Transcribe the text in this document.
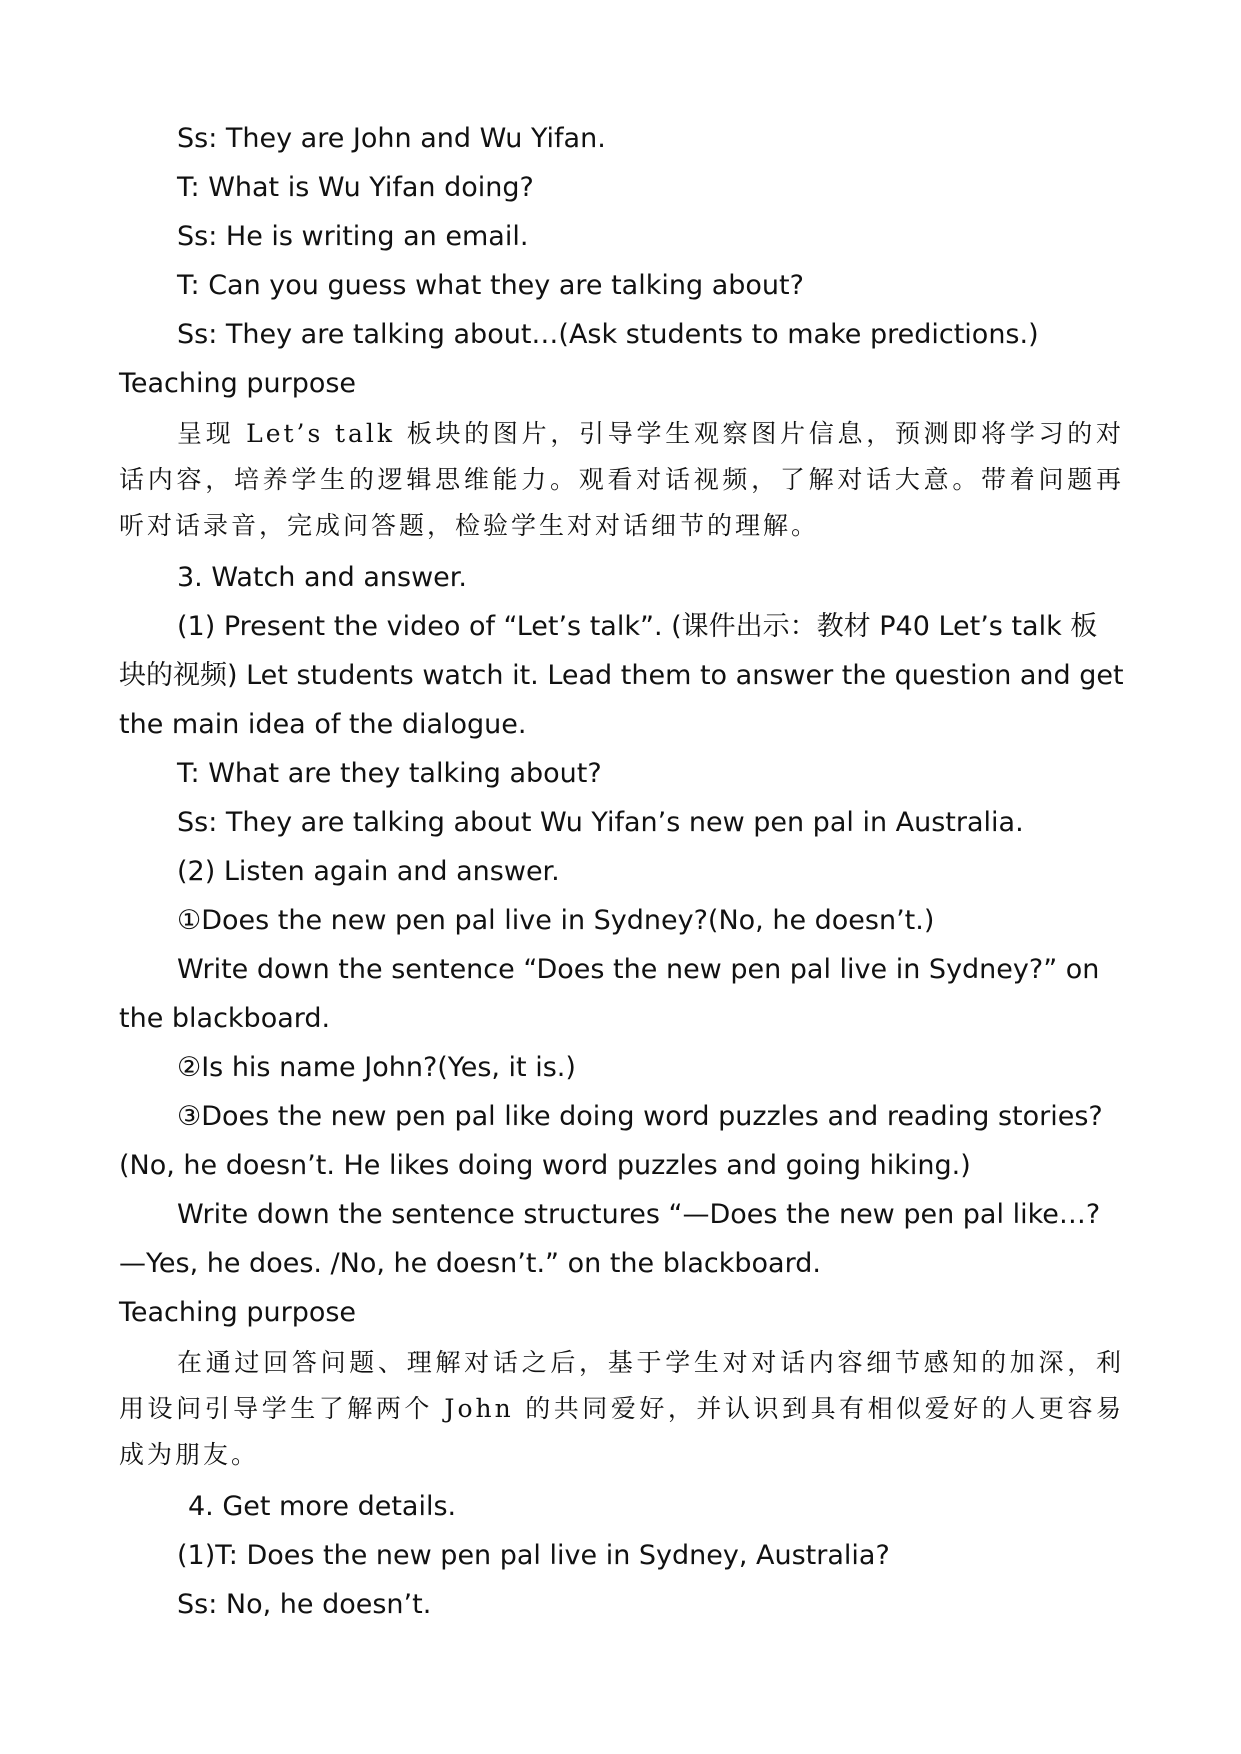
Ss: They are John and Wu Yifan.

T: What is Wu Yifan doing?

Ss: He is writing an email.

T: Can you guess what they are talking about?

Ss: They are talking about…(Ask students to make predictions.)

Teaching purpose

呈现 Let’s talk 板块的图片，引导学生观察图片信息，预测即将学习的对话内容，培养学生的逻辑思维能力。观看对话视频，了解对话大意。带着问题再听对话录音，完成问答题，检验学生对对话细节的理解。

3. Watch and answer.

(1) Present the video of “Let’s talk”. (课件出示：教材 P40 Let’s talk 板块的视频) Let students watch it. Lead them to answer the question and get the main idea of the dialogue.

T: What are they talking about?

Ss: They are talking about Wu Yifan’s new pen pal in Australia.

(2) Listen again and answer.

①Does the new pen pal live in Sydney?(No, he doesn’t.)

Write down the sentence “Does the new pen pal live in Sydney?” on the blackboard.

②Is his name John?(Yes, it is.)

③Does the new pen pal like doing word puzzles and reading stories? (No, he doesn’t. He likes doing word puzzles and going hiking.)

Write down the sentence structures “—Does the new pen pal like…? —Yes, he does. /No, he doesn’t.” on the blackboard.

Teaching purpose

在通过回答问题、理解对话之后，基于学生对对话内容细节感知的加深，利用设问引导学生了解两个 John 的共同爱好，并认识到具有相似爱好的人更容易成为朋友。

4. Get more details.

(1)T: Does the new pen pal live in Sydney, Australia?

Ss: No, he doesn’t.
